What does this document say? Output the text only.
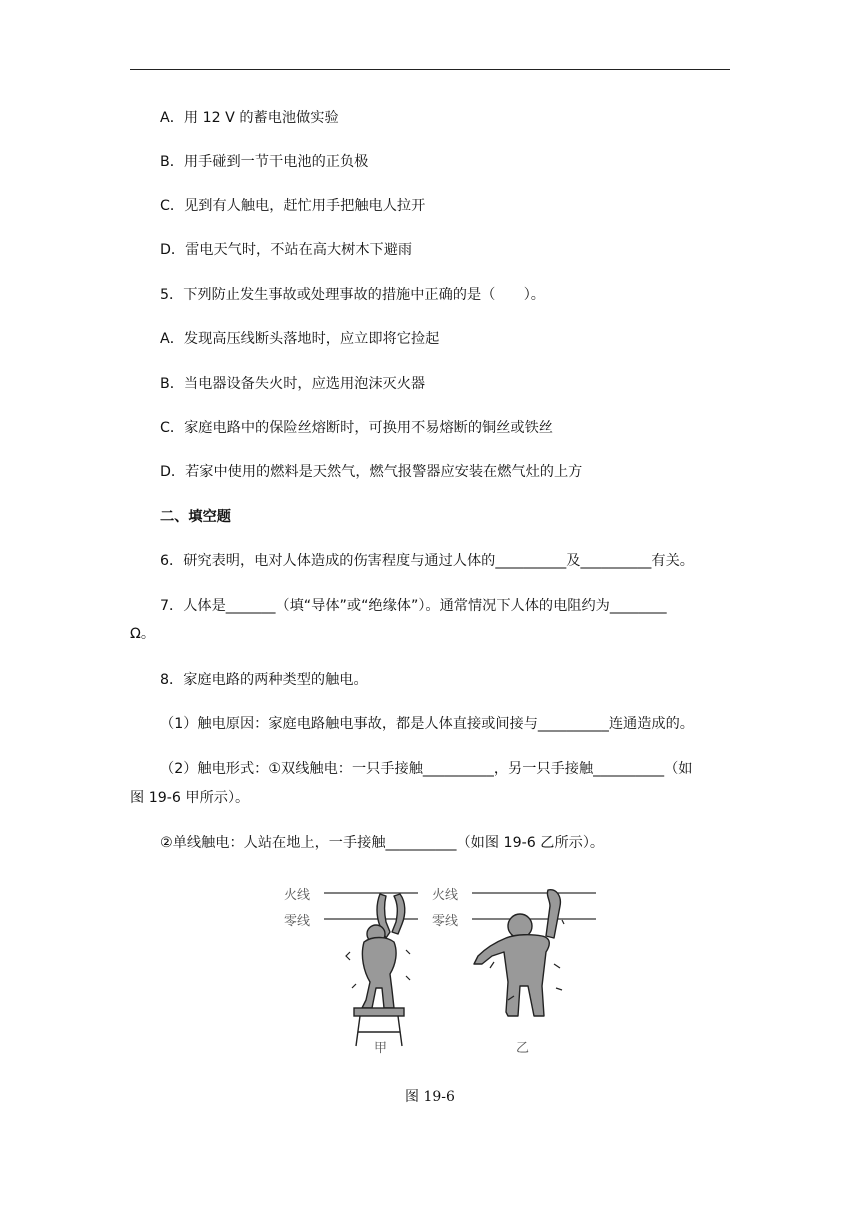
A．用 12 V 的蓄电池做实验
B．用手碰到一节干电池的正负极
C．见到有人触电，赶忙用手把触电人拉开
D．雷电天气时，不站在高大树木下避雨
5．下列防止发生事故或处理事故的措施中正确的是（　　）。
A．发现高压线断头落地时，应立即将它捡起
B．当电器设备失火时，应选用泡沫灭火器
C．家庭电路中的保险丝熔断时，可换用不易熔断的铜丝或铁丝
D．若家中使用的燃料是天然气，燃气报警器应安装在燃气灶的上方
二、填空题
6．研究表明，电对人体造成的伤害程度与通过人体的__________及__________有关。
7．人体是_______（填“导体”或“绝缘体”）。通常情况下人体的电阻约为________
Ω。
8．家庭电路的两种类型的触电。
（1）触电原因：家庭电路触电事故，都是人体直接或间接与__________连通造成的。
（2）触电形式：①双线触电：一只手接触__________，另一只手接触__________（如
图 19-6 甲所示）。
②单线触电：人站在地上，一手接触__________（如图 19-6 乙所示）。
火线
零线
火线
零线
甲	乙
图 19-6
